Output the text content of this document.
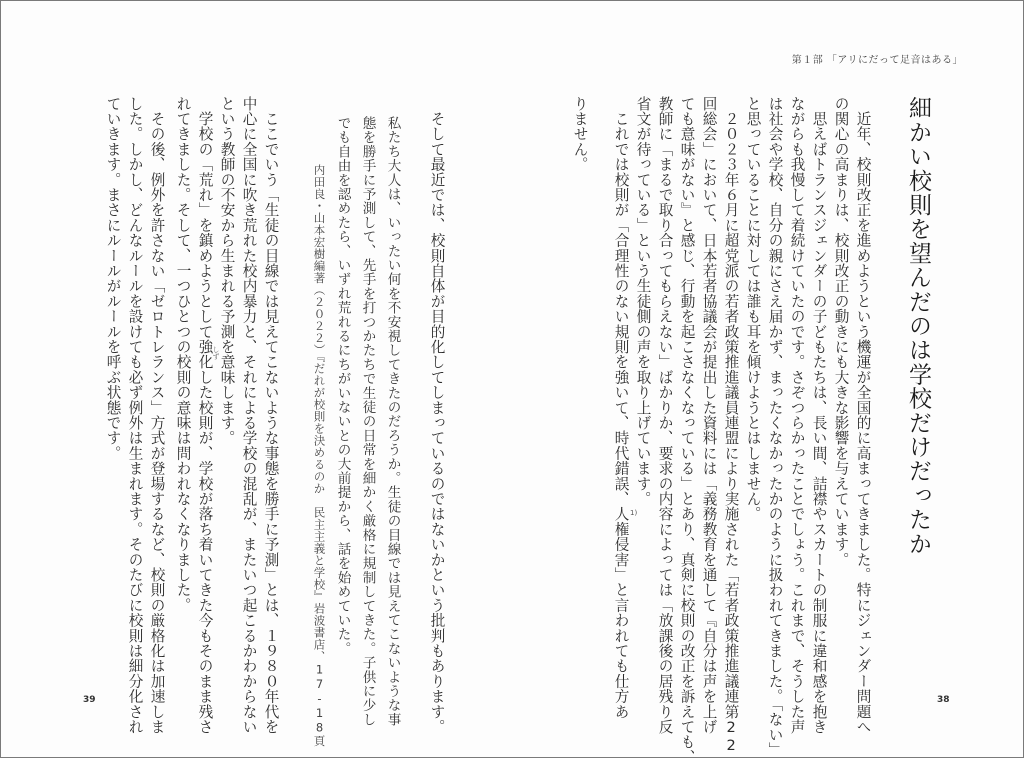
　そして最近では、校則自体が目的化してしまっているのではないかという批判もあります。
私たち大人は、いったい何を不安視してきたのだろうか。生徒の目線では見えてこないような事
態を勝手に予測して、先手を打つかたちで生徒の日常を細かく厳格に規制してきた。子供に少し
でも自由を認めたら、いずれ荒れるにちがいないとの大前提から、話を始めていた。
内田良・山本宏樹編著（２０２２）『だれが校則を決めるのか　民主主義と学校』岩波書店、17-18頁
　ここでいう「生徒の目線では見えてこないような事態を勝手に予測」とは、１９８０年代を
中心に全国に吹き荒れた校内暴力と、それによる学校の混乱が、またいつ起こるかわからない
という教師の不安から生まれる予測を意味します。
　学校の「荒れ」を鎮めようとして強化した校則が、学校が落ち着いてきた今もそのまま残さ
しず
れてきました。そして、一つひとつの校則の意味は問われなくなりました。
　その後、例外を許さない「ゼロトレランス」方式が登場するなど、校則の厳格化は加速しま
した。しかし、どんなルールを設けても必ず例外は生まれます。そのたびに校則は細分化され
ていきます。まさにルールがルールを呼ぶ状態です。
39
第１部 「アリにだって足音はある」
細かい校則を望んだのは学校だけだったか
　近年、校則改正を進めようという機運が全国的に高まってきました。特にジェンダー問題へ
の関心の高まりは、校則改正の動きにも大きな影響を与えています。
　思えばトランスジェンダーの子どもたちは、長い間、詰襟やスカートの制服に違和感を抱き
ながらも我慢して着続けていたのです。さぞつらかったことでしょう。これまで、そうした声
は社会や学校、自分の親にさえ届かず、まったくなかったかのように扱われてきました。「ない」
と思っていることに対しては誰も耳を傾けようとはしません。
　２０２３年６月に超党派の若者政策推進議員連盟により実施された「若者政策推進議連第22
回総会」において、日本若者協議会が提出した資料には「義務教育を通して『自分は声を上げ
ても意味がない』と感じ、行動を起こさなくなっている」とあり、真剣に校則の改正を訴えても、
教師に「まるで取り合ってもらえない」ばかりか、要求の内容によっては「放課後の居残り反
省文が待っている」という生徒側の声を取り上げています。
　これでは校則が「合理性のない規則を強いて、時代錯誤、人権侵害」と言われても仕方あ 1)
りません。
38
